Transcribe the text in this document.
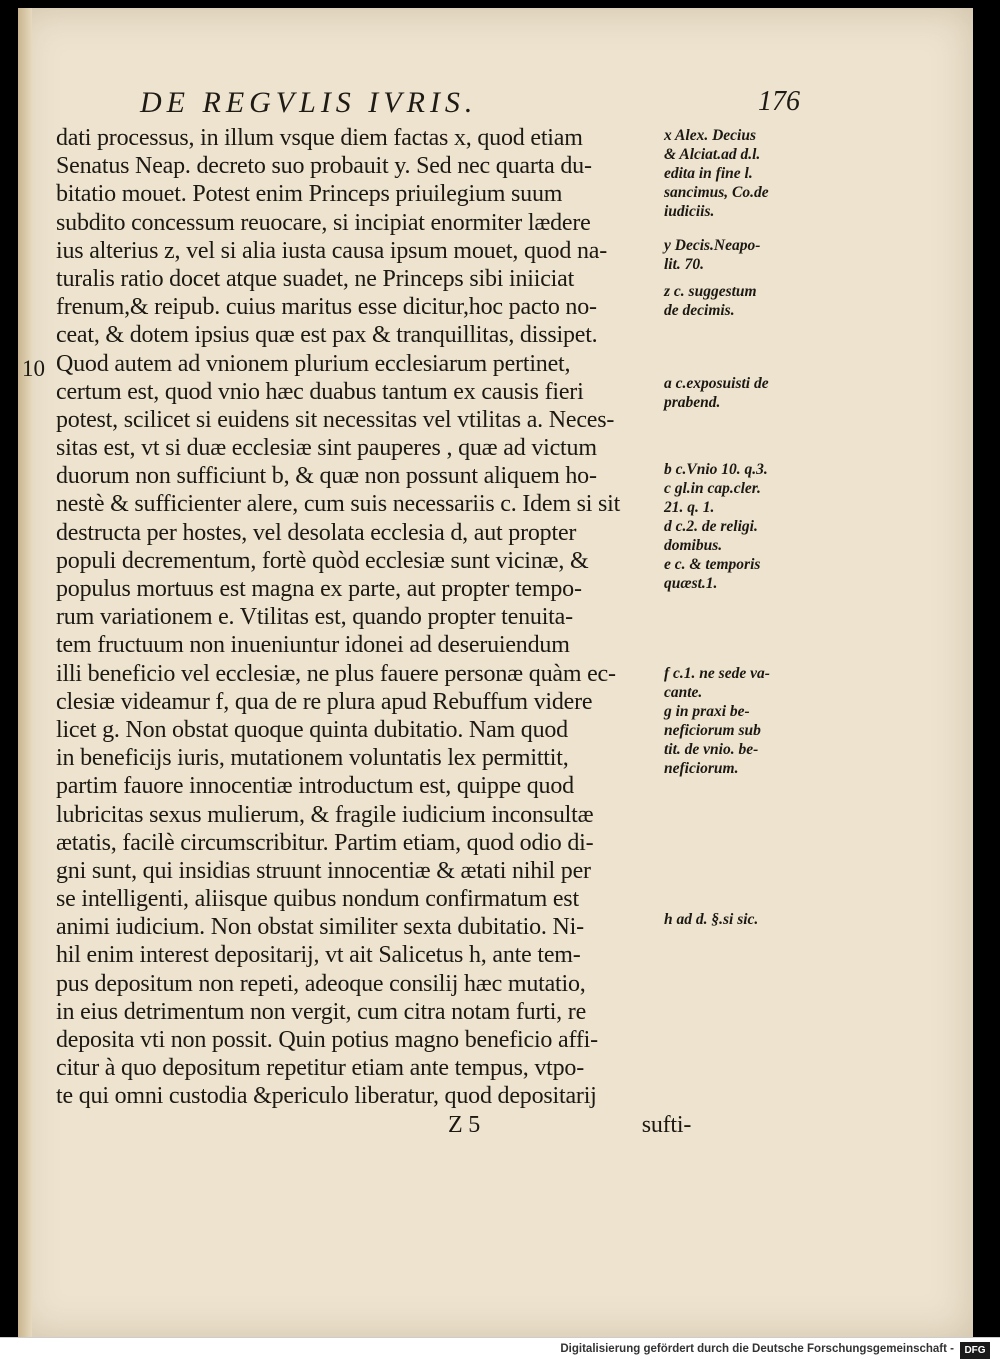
DE REGVLIS IVRIS.	176
10
dati processus, in illum vsque diem factas x, quod etiam
Senatus Neap. decreto suo probauit y. Sed nec quarta du-
bitatio mouet. Potest enim Princeps priuilegium suum
subdito concessum reuocare, si incipiat enormiter lædere
ius alterius z, vel si alia iusta causa ipsum mouet, quod na-
turalis ratio docet atque suadet, ne Princeps sibi iniiciat
frenum,& reipub. cuius maritus esse dicitur,hoc pacto no-
ceat, & dotem ipsius quæ est pax & tranquillitas, dissipet.
Quod autem ad vnionem plurium ecclesiarum pertinet,
certum est, quod vnio hæc duabus tantum ex causis fieri
potest, scilicet si euidens sit necessitas vel vtilitas a. Neces-
sitas est, vt si duæ ecclesiæ sint pauperes , quæ ad victum
duorum non sufficiunt b, & quæ non possunt aliquem ho-
nestè & sufficienter alere, cum suis necessariis c. Idem si sit
destructa per hostes, vel desolata ecclesia d, aut propter
populi decrementum, fortè quòd ecclesiæ sunt vicinæ, &
populus mortuus est magna ex parte, aut propter tempo-
rum variationem e. Vtilitas est, quando propter tenuita-
tem fructuum non inueniuntur idonei ad deseruiendum
illi beneficio vel ecclesiæ, ne plus fauere personæ quàm ec-
clesiæ videamur f, qua de re plura apud Rebuffum videre
licet g. Non obstat quoque quinta dubitatio. Nam quod
in beneficijs iuris, mutationem voluntatis lex permittit,
partim fauore innocentiæ introductum est, quippe quod
lubricitas sexus mulierum, & fragile iudicium inconsultæ
ætatis, facilè circumscribitur. Partim etiam, quod odio di-
gni sunt, qui insidias struunt innocentiæ & ætati nihil per
se intelligenti, aliisque quibus nondum confirmatum est
animi iudicium. Non obstat similiter sexta dubitatio. Ni-
hil enim interest depositarij, vt ait Salicetus h, ante tem-
pus depositum non repeti, adeoque consilij hæc mutatio,
in eius detrimentum non vergit, cum citra notam furti, re
deposita vti non possit. Quin potius magno beneficio affi-
citur à quo depositum repetitur etiam ante tempus, vtpo-
te qui omni custodia &periculo liberatur, quod depositarij
Z 5	sufti-
x Alex. Decius
& Alciat.ad d.l.
edita in fine l.
sancimus, Co.de
iudiciis.
y Decis.Neapo-
lit. 70.
z c. suggestum
de decimis.
a c.exposuisti de
prabend.
b c.Vnio 10. q.3.
c gl.in cap.cler.
21. q. 1.
d c.2. de religi.
domibus.
e c. & temporis
quæst.1.
f c.1. ne sede va-
cante.
g in praxi be-
neficiorum sub
tit. de vnio. be-
neficiorum.
h ad d. §.si sic.
Digitalisierung gefördert durch die Deutsche Forschungsgemeinschaft -	DFG
